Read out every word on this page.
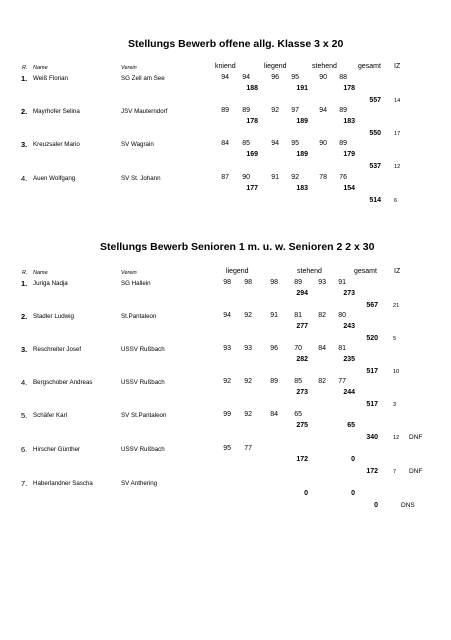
Stellungs Bewerb offene allg. Klasse 3 x 20
R. Name	Verein	kniend	liegend	stehend	gesamt IZ
1. Weiß Florian	SG Zell am See	94	94	96	95	90	88
188	191	178
557 14
2. Mayrhofer Selina	JSV Mauterndorf	89	89	92	97	94	89
178	189	183
550 17
3. Kreuzsaler Mario	SV Wagrain	84	85	94	95	90	89
169	189	179
537 12
4. Auen Wolfgang	SV St. Johann	87	90	91	92	78	76
177	183	154
514 6
Stellungs Bewerb Senioren 1 m. u. w. Senioren 2 2 x 30
R. Name	Verein	liegend	stehend	gesamt IZ
1. Juriga Nadja	SG Hallein	98	98	98	89	93	91
294	273
567	21
2. Stadler Ludwig	St.Pantaleon	94	92	91	81	82	80
277	243
520	5
3. Reschreiter Josef	USSV Rußbach	93	93	96	70	84	81
282	235
517	10
4. Bergschober Andreas	USSV Rußbach	92	92	89	85	82	77
273	244
517	3
5. Schäfer Karl	SV St.Pantaleon	99	92	84	65
275	65
340	12 DNF
6. Hirscher Günther	USSV Rußbach	95	77
172	0
172	7 DNF
7. Haberlandner Sascha	SV Anthering
0	0
0	DNS
